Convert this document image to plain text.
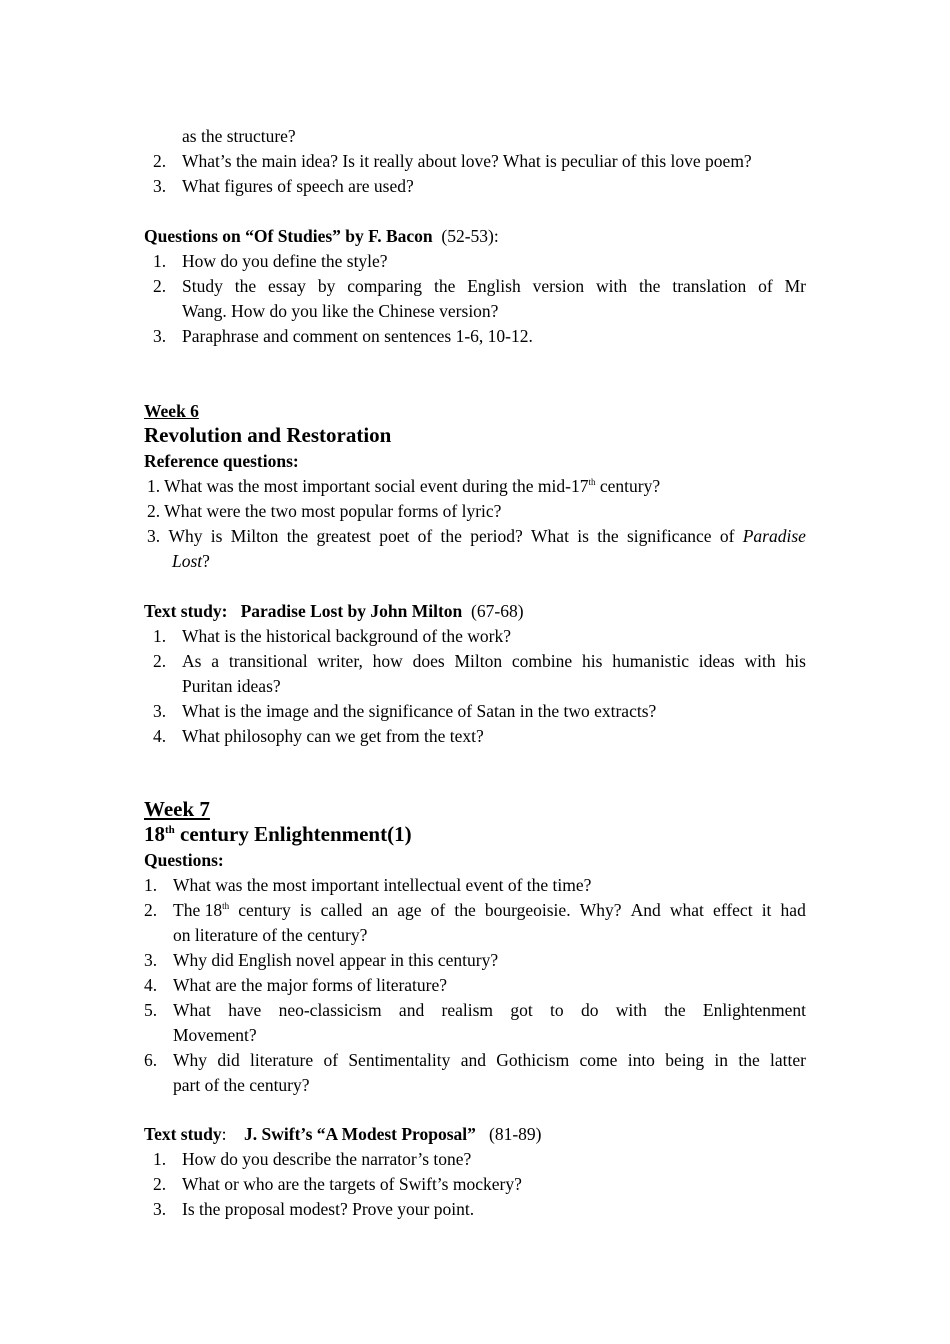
as the structure?
2. What’s the main idea? Is it really about love? What is peculiar of this love poem?
3. What figures of speech are used?
Questions on “Of Studies” by F. Bacon (52-53):
1. How do you define the style?
2. Study the essay by comparing the English version with the translation of Mr
Wang. How do you like the Chinese version?
3. Paraphrase and comment on sentences 1-6, 10-12.
Week 6
Revolution and Restoration
Reference questions:
1. What was the most important social event during the mid-17th century?
2. What were the two most popular forms of lyric?
3. Why is Milton the greatest poet of the period? What is the significance of Paradise
Lost?
Text study: Paradise Lost by John Milton (67-68)
1. What is the historical background of the work?
2. As a transitional writer, how does Milton combine his humanistic ideas with his
Puritan ideas?
3. What is the image and the significance of Satan in the two extracts?
4. What philosophy can we get from the text?
Week 7
18th century Enlightenment(1)
Questions:
1. What was the most important intellectual event of the time?
2. The 18th century is called an age of the bourgeoisie. Why? And what effect it had
on literature of the century?
3. Why did English novel appear in this century?
4. What are the major forms of literature?
5. What have neo-classicism and realism got to do with the Enlightenment
Movement?
6. Why did literature of Sentimentality and Gothicism come into being in the latter
part of the century?
Text study: J. Swift’s “A Modest Proposal” (81-89)
1. How do you describe the narrator’s tone?
2. What or who are the targets of Swift’s mockery?
3. Is the proposal modest? Prove your point.
